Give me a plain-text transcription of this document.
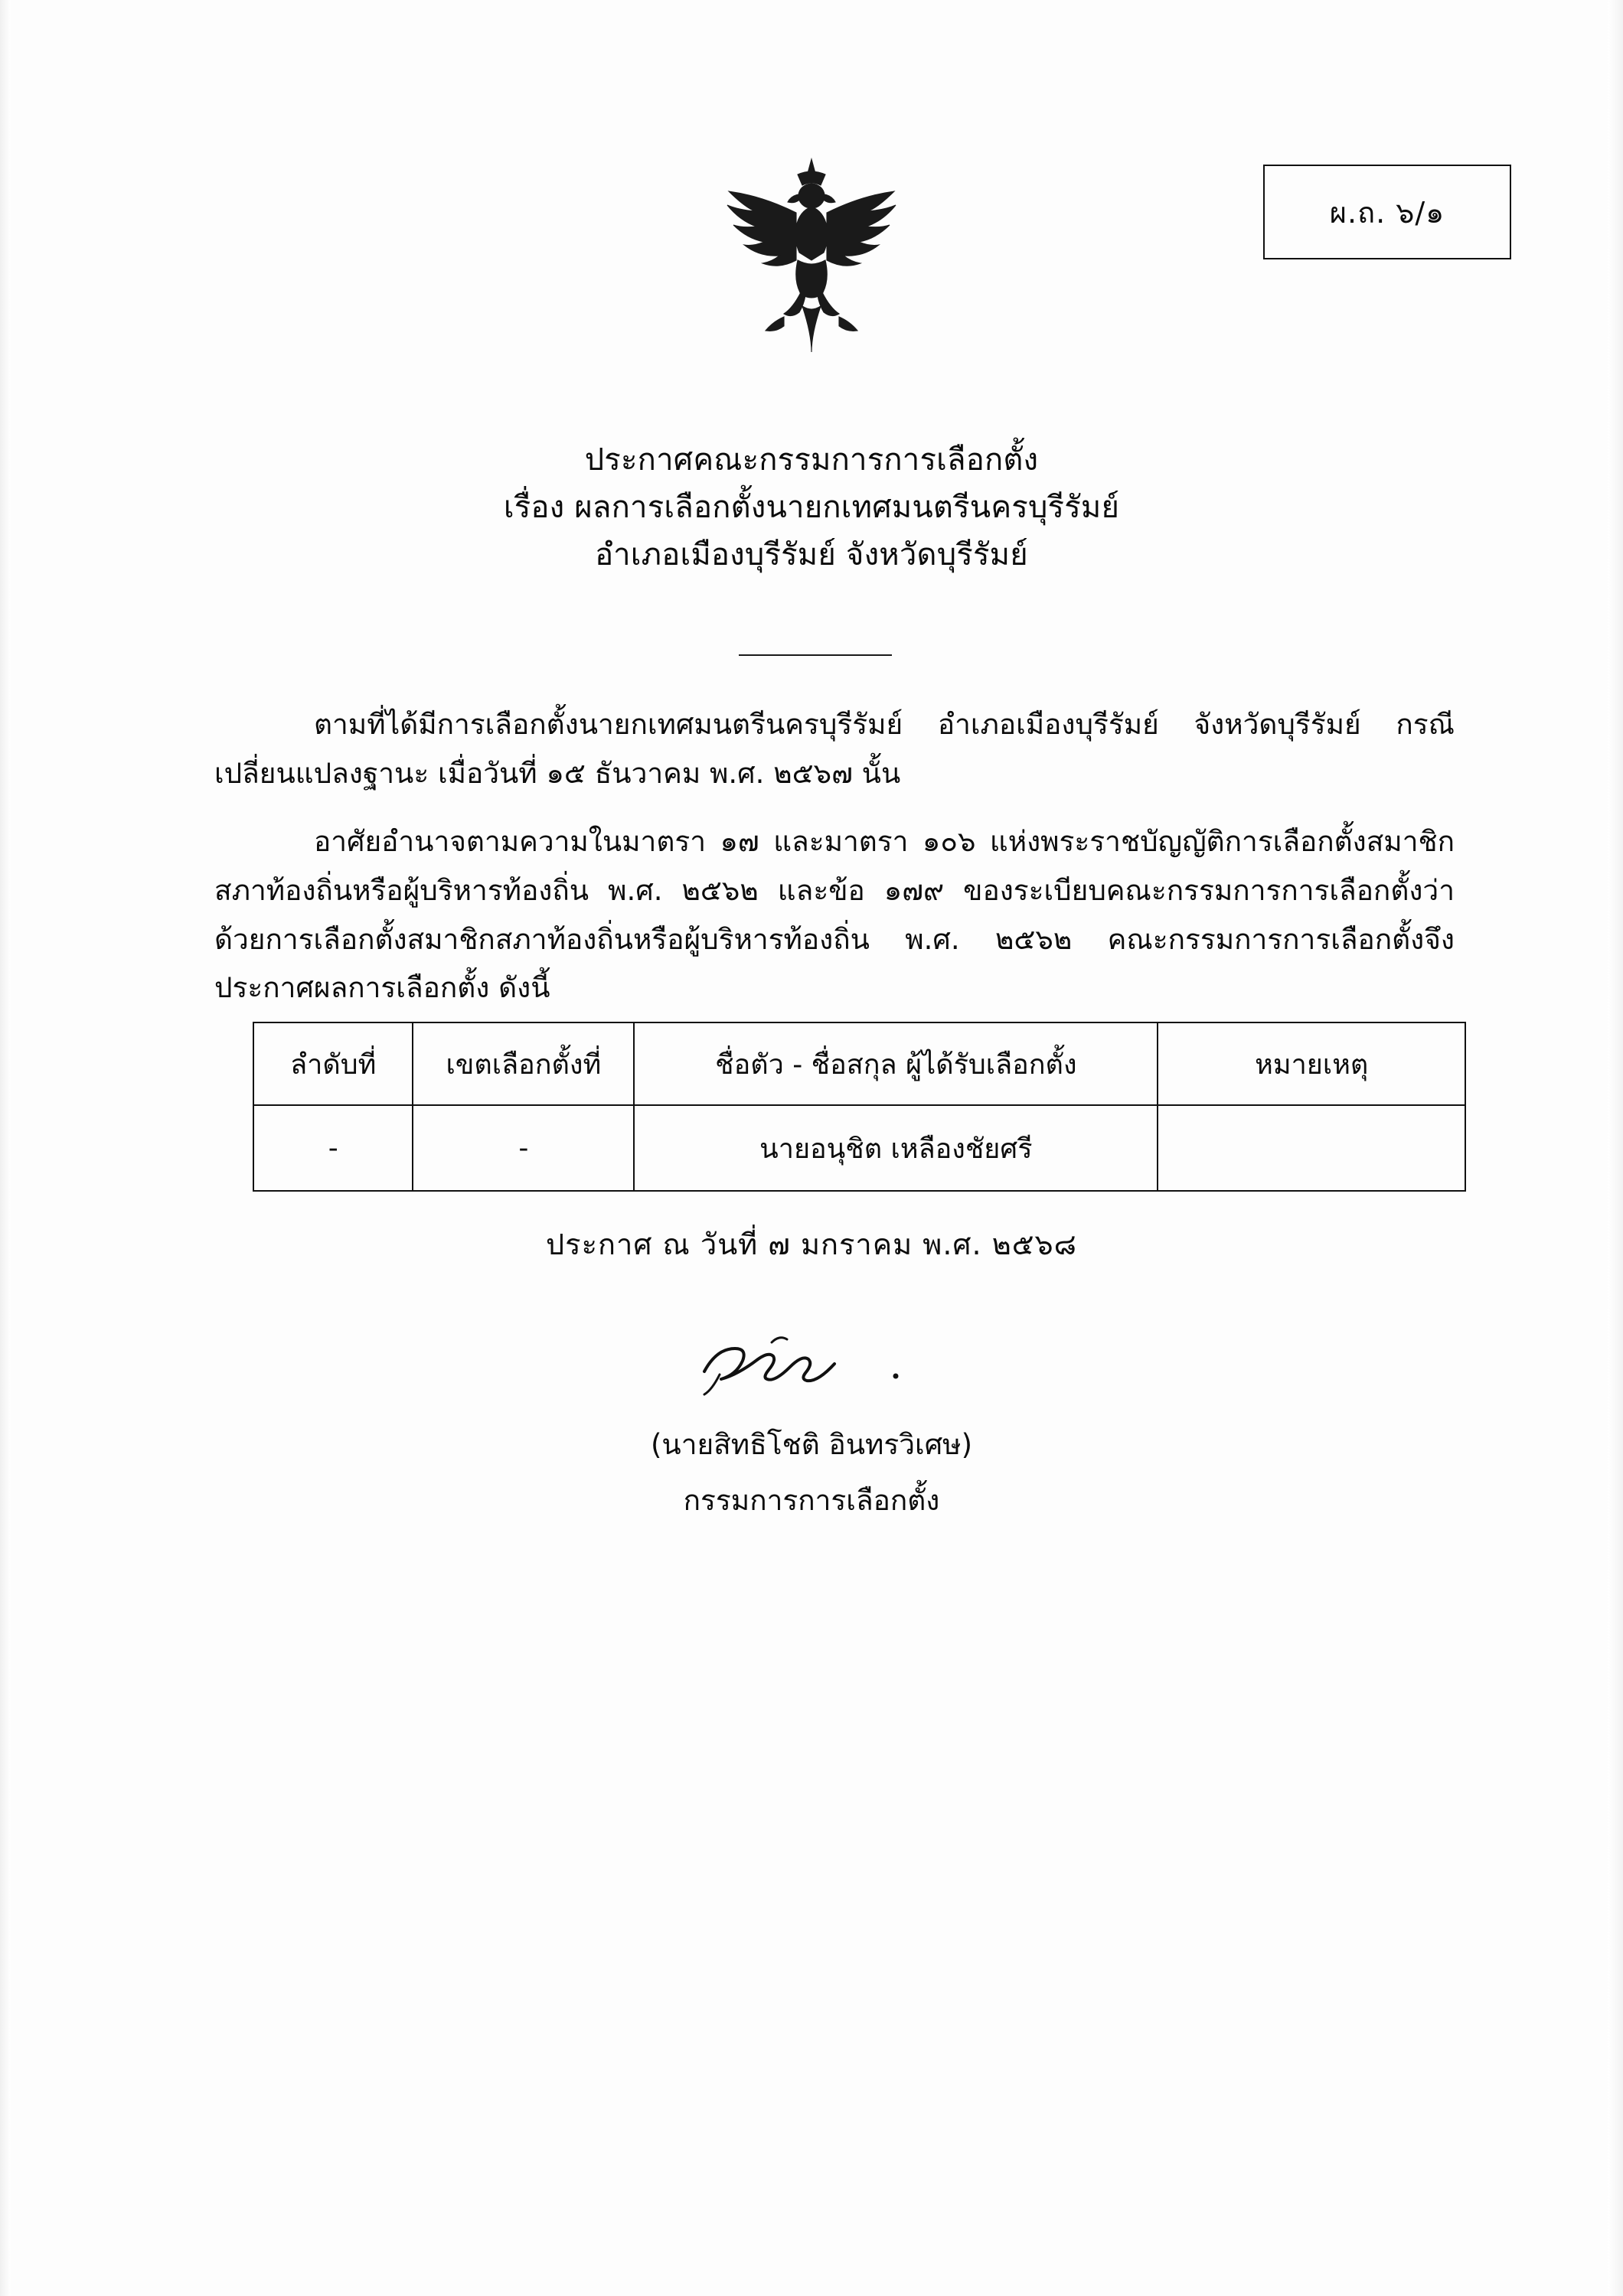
ผ.ถ. ๖/๑
ประกาศคณะกรรมการการเลือกตั้ง
เรื่อง ผลการเลือกตั้งนายกเทศมนตรีนครบุรีรัมย์
อำเภอเมืองบุรีรัมย์ จังหวัดบุรีรัมย์

ตามที่ได้มีการเลือกตั้งนายกเทศมนตรีนครบุรีรัมย์ อำเภอเมืองบุรีรัมย์ จังหวัดบุรีรัมย์ กรณีเปลี่ยนแปลงฐานะ เมื่อวันที่ ๑๕ ธันวาคม พ.ศ. ๒๕๖๗ นั้น

อาศัยอำนาจตามความในมาตรา ๑๗ และมาตรา ๑๐๖ แห่งพระราชบัญญัติการเลือกตั้งสมาชิกสภาท้องถิ่นหรือผู้บริหารท้องถิ่น พ.ศ. ๒๕๖๒ และข้อ ๑๗๙ ของระเบียบคณะกรรมการการเลือกตั้งว่าด้วยการเลือกตั้งสมาชิกสภาท้องถิ่นหรือผู้บริหารท้องถิ่น พ.ศ. ๒๕๖๒ คณะกรรมการการเลือกตั้งจึงประกาศผลการเลือกตั้ง ดังนี้

ลำดับที่	เขตเลือกตั้งที่	ชื่อตัว - ชื่อสกุล ผู้ได้รับเลือกตั้ง	หมายเหตุ
-	-	นายอนุชิต เหลืองชัยศรี	
ประกาศ ณ วันที่ ๗ มกราคม พ.ศ. ๒๕๖๘
(นายสิทธิโชติ อินทรวิเศษ)
กรรมการการเลือกตั้ง
